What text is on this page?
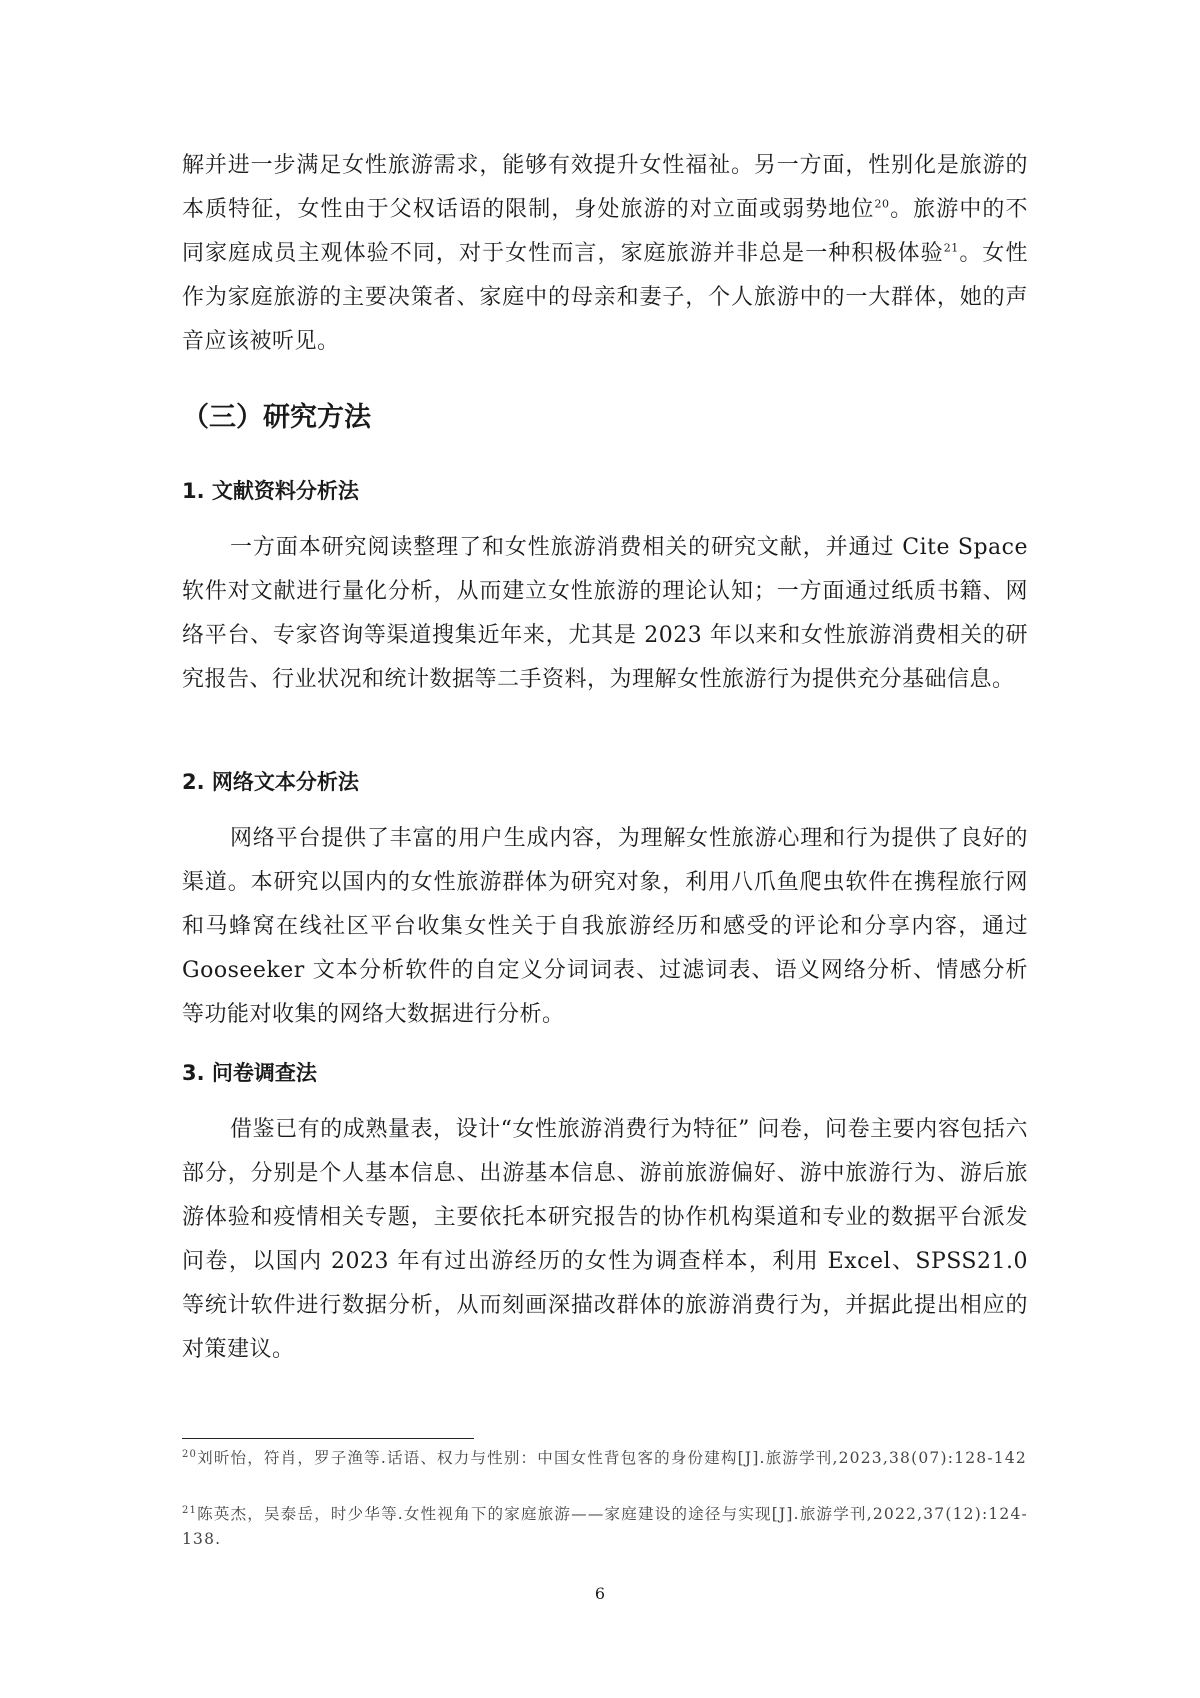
解并进一步满足女性旅游需求，能够有效提升女性福祉。另一方面，性别化是旅游的本质特征，女性由于父权话语的限制，身处旅游的对立面或弱势地位$^{20}$。旅游中的不同家庭成员主观体验不同，对于女性而言，家庭旅游并非总是一种积极体验$^{21}$。女性作为家庭旅游的主要决策者、家庭中的母亲和妻子，个人旅游中的一大群体，她的声音应该被听见。

（三）研究方法
1. 文献资料分析法

一方面本研究阅读整理了和女性旅游消费相关的研究文献，并通过 Cite Space 软件对文献进行量化分析，从而建立女性旅游的理论认知；一方面通过纸质书籍、网络平台、专家咨询等渠道搜集近年来，尤其是 2023 年以来和女性旅游消费相关的研究报告、行业状况和统计数据等二手资料，为理解女性旅游行为提供充分基础信息。

2. 网络文本分析法

网络平台提供了丰富的用户生成内容，为理解女性旅游心理和行为提供了良好的渠道。本研究以国内的女性旅游群体为研究对象，利用八爪鱼爬虫软件在携程旅行网和马蜂窝在线社区平台收集女性关于自我旅游经历和感受的评论和分享内容，通过 Gooseeker 文本分析软件的自定义分词词表、过滤词表、语义网络分析、情感分析等功能对收集的网络大数据进行分析。

3. 问卷调查法

借鉴已有的成熟量表，设计“女性旅游消费行为特征” 问卷，问卷主要内容包括六部分，分别是个人基本信息、出游基本信息、游前旅游偏好、游中旅游行为、游后旅游体验和疫情相关专题，主要依托本研究报告的协作机构渠道和专业的数据平台派发问卷，以国内 2023 年有过出游经历的女性为调查样本，利用 Excel、SPSS21.0 等统计软件进行数据分析，从而刻画深描改群体的旅游消费行为，并据此提出相应的对策建议。

$^{20}$刘昕怡，符肖，罗子渔等.话语、权力与性别：中国女性背包客的身份建构[J].旅游学刊,2023,38(07):128-142

$^{21}$陈英杰，吴泰岳，时少华等.女性视角下的家庭旅游——家庭建设的途径与实现[J].旅游学刊,2022,37(12):124-138.

6
